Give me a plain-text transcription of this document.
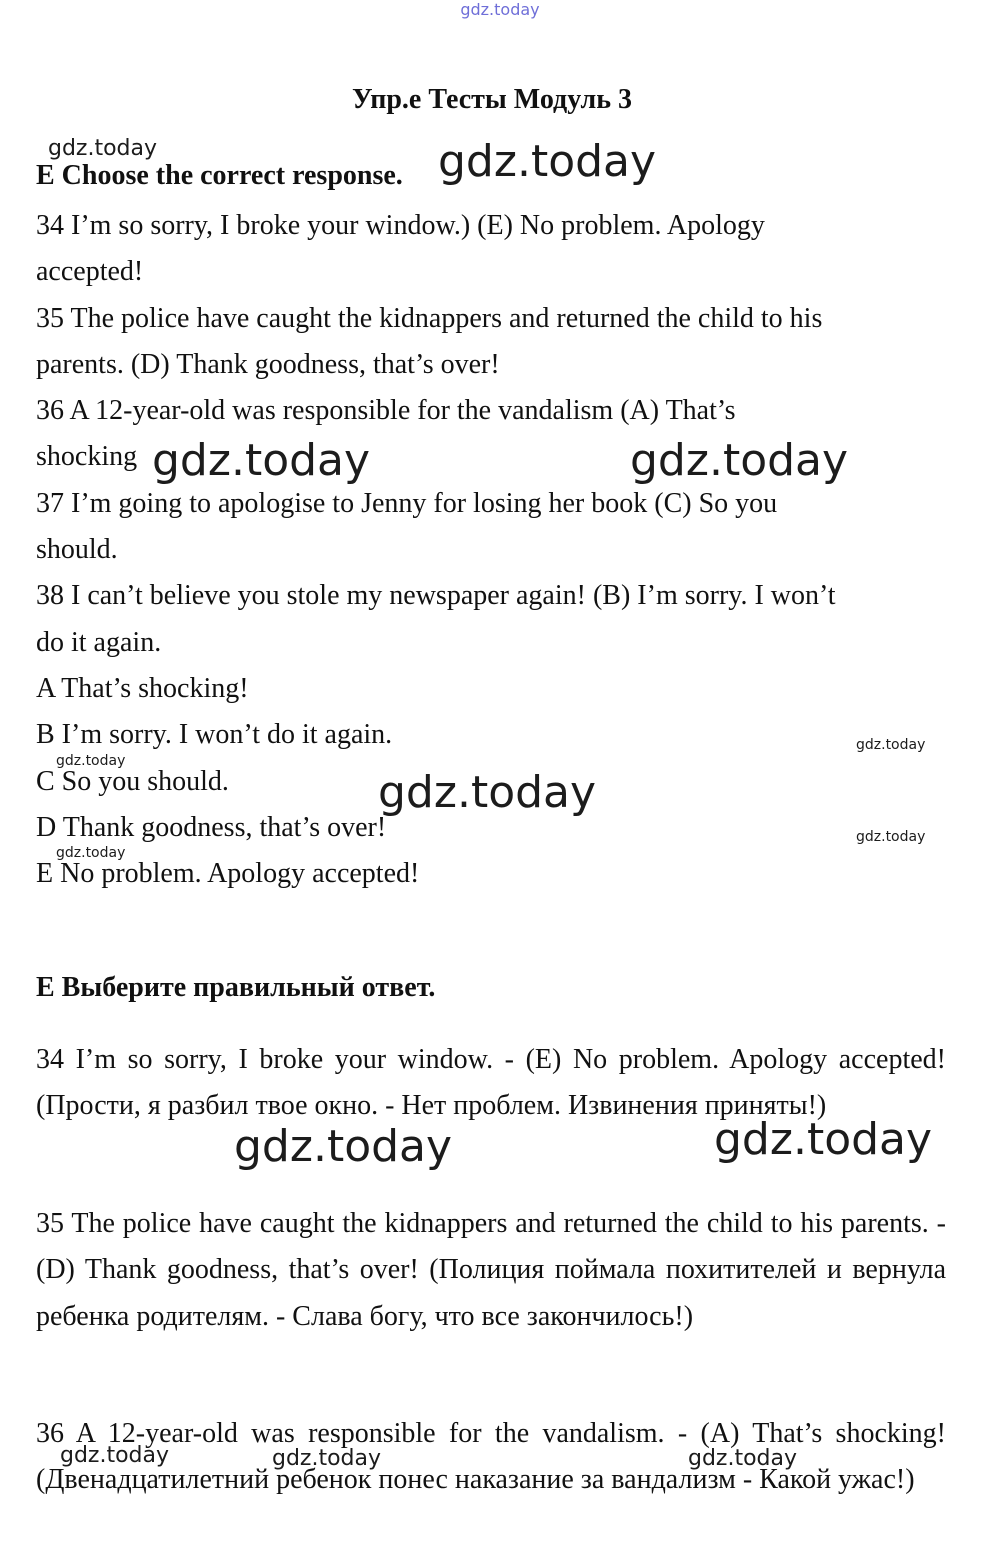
gdz.today
Упр.е Тесты Модуль 3
E Choose the correct response.

34 I’m so sorry, I broke your window.) (E) No problem. Apology

accepted!

35 The police have caught the kidnappers and returned the child to his

parents. (D) Thank goodness, that’s over!

36 A 12-year-old was responsible for the vandalism (A) That’s

shocking

37 I’m going to apologise to Jenny for losing her book (C) So you

should.

38 I can’t believe you stole my newspaper again! (B) I’m sorry. I won’t

do it again.

A That’s shocking!

B I’m sorry. I won’t do it again.

C So you should.

D Thank goodness, that’s over!

E No problem. Apology accepted!

E Выберите правильный ответ.

34 I’m so sorry, I broke your window. - (E) No problem. Apology accepted! (Прости, я разбил твое окно. - Нет проблем. Извинения приняты!)

35 The police have caught the kidnappers and returned the child to his parents. - (D) Thank goodness, that’s over! (Полиция поймала похитителей и вернула ребенка родителям. - Слава богу, что все закончилось!)

36 A 12-year-old was responsible for the vandalism. - (A) That’s shocking! (Двенадцатилетний ребенок понес наказание за вандализм - Какой ужас!)

gdz.today	gdz.today
gdz.today	gdz.today
gdz.today
gdz.today
gdz.today
gdz.today
gdz.today
gdz.today	gdz.today
gdz.today	gdz.today	gdz.today
